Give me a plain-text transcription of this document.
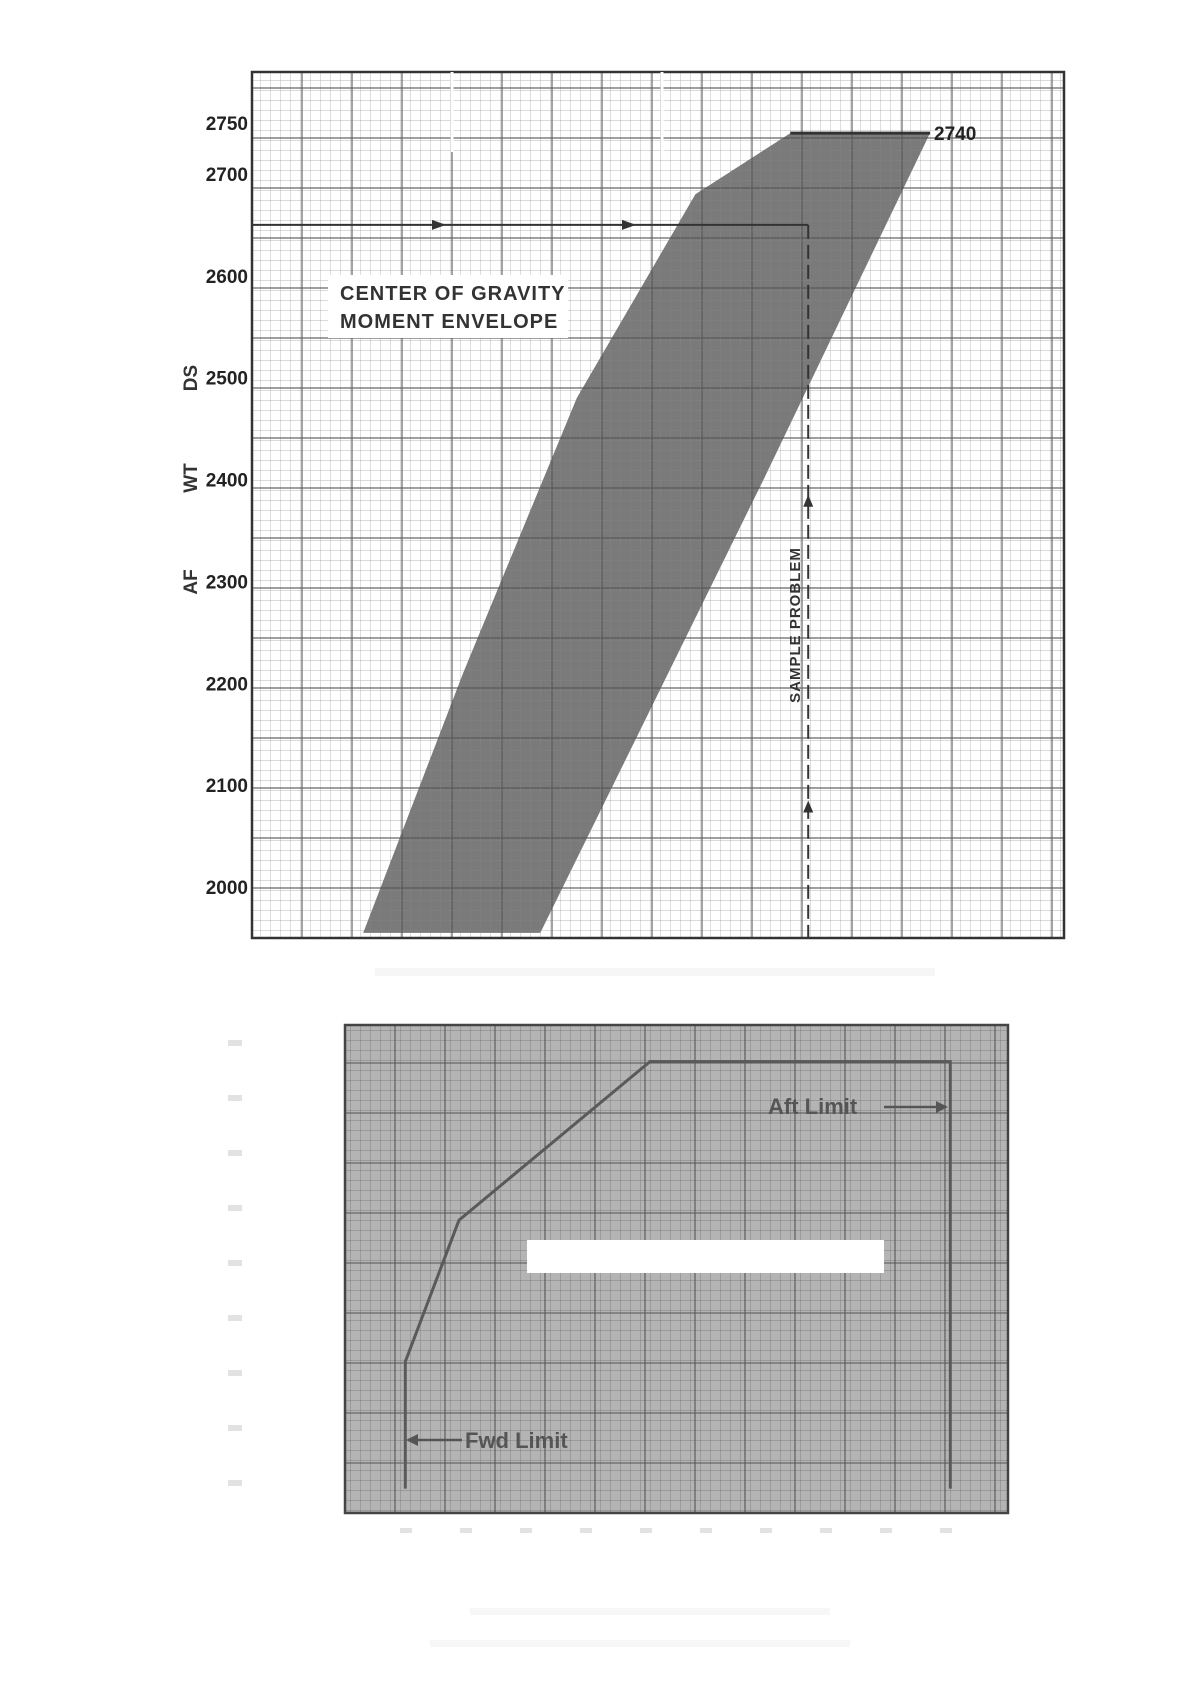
2000
2100
2200
2300
2400
2500
2600
2700
2750
AF
WT
DS
CENTER OF GRAVITY
MOMENT ENVELOPE
SAMPLE PROBLEM
2740
Aft Limit
Fwd Limit
